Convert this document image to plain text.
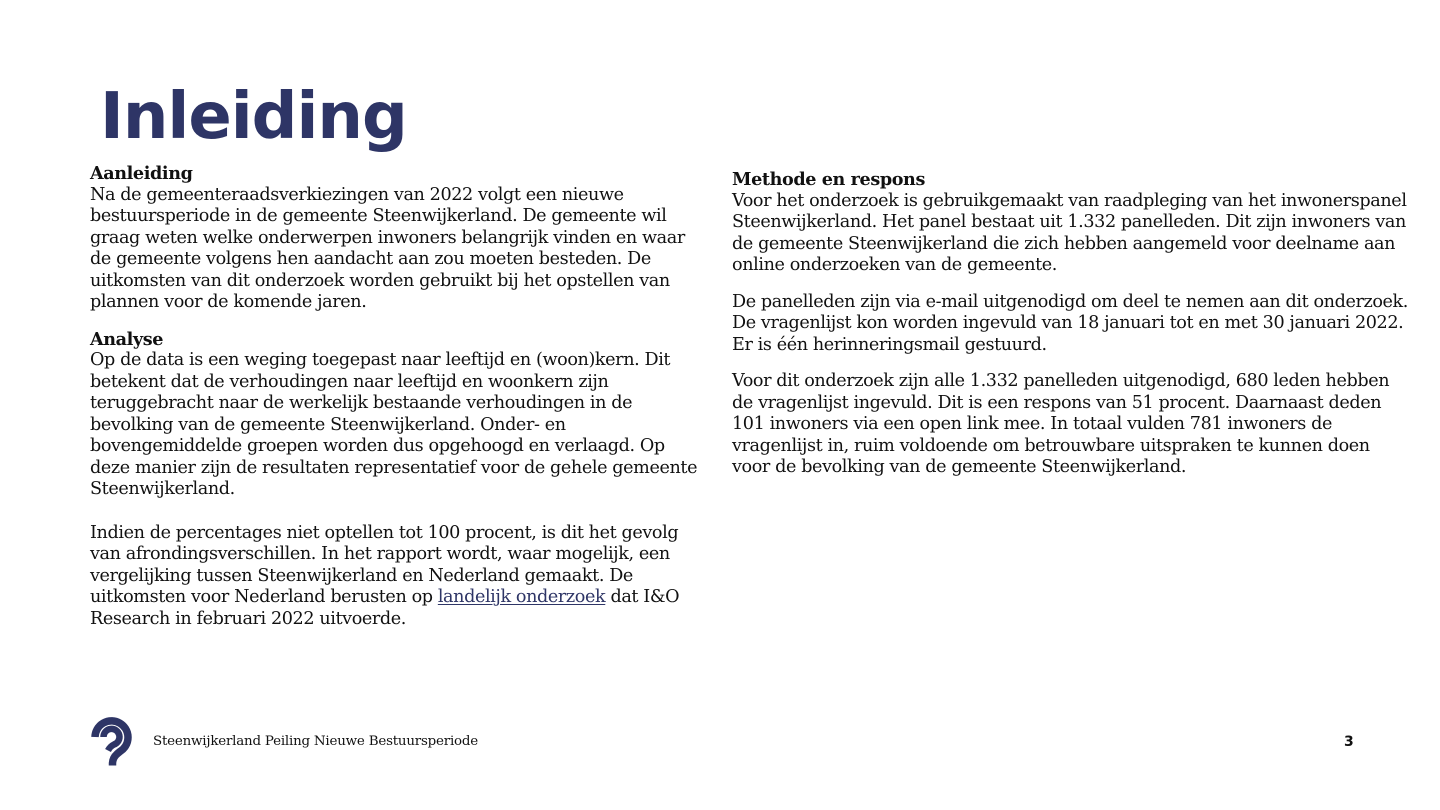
Inleiding
Aanleiding

Na de gemeenteraadsverkiezingen van 2022 volgt een nieuwe bestuursperiode in de gemeente Steenwijkerland. De gemeente wil graag weten welke onderwerpen inwoners belangrijk vinden en waar de gemeente volgens hen aandacht aan zou moeten besteden. De uitkomsten van dit onderzoek worden gebruikt bij het opstellen van plannen voor de komende jaren.

Analyse

Op de data is een weging toegepast naar leeftijd en (woon)kern. Dit betekent dat de verhoudingen naar leeftijd en woonkern zijn teruggebracht naar de werkelijk bestaande verhoudingen in de bevolking van de gemeente Steenwijkerland. Onder- en bovengemiddelde groepen worden dus opgehoogd en verlaagd. Op deze manier zijn de resultaten representatief voor de gehele gemeente Steenwijkerland.

Indien de percentages niet optellen tot 100 procent, is dit het gevolg van afrondingsverschillen. In het rapport wordt, waar mogelijk, een vergelijking tussen Steenwijkerland en Nederland gemaakt. De uitkomsten voor Nederland berusten op landelijk onderzoek dat I&O Research in februari 2022 uitvoerde.

Methode en respons

Voor het onderzoek is gebruikgemaakt van raadpleging van het inwonerspanel Steenwijkerland. Het panel bestaat uit 1.332 panelleden. Dit zijn inwoners van de gemeente Steenwijkerland die zich hebben aangemeld voor deelname aan online onderzoeken van de gemeente.

De panelleden zijn via e-mail uitgenodigd om deel te nemen aan dit onderzoek. De vragenlijst kon worden ingevuld van 18 januari tot en met 30 januari 2022. Er is één herinneringsmail gestuurd.

Voor dit onderzoek zijn alle 1.332 panelleden uitgenodigd, 680 leden hebben de vragenlijst ingevuld. Dit is een respons van 51 procent. Daarnaast deden 101 inwoners via een open link mee. In totaal vulden 781 inwoners de vragenlijst in, ruim voldoende om betrouwbare uitspraken te kunnen doen voor de bevolking van de gemeente Steenwijkerland.

Steenwijkerland Peiling Nieuwe Bestuursperiode	3
